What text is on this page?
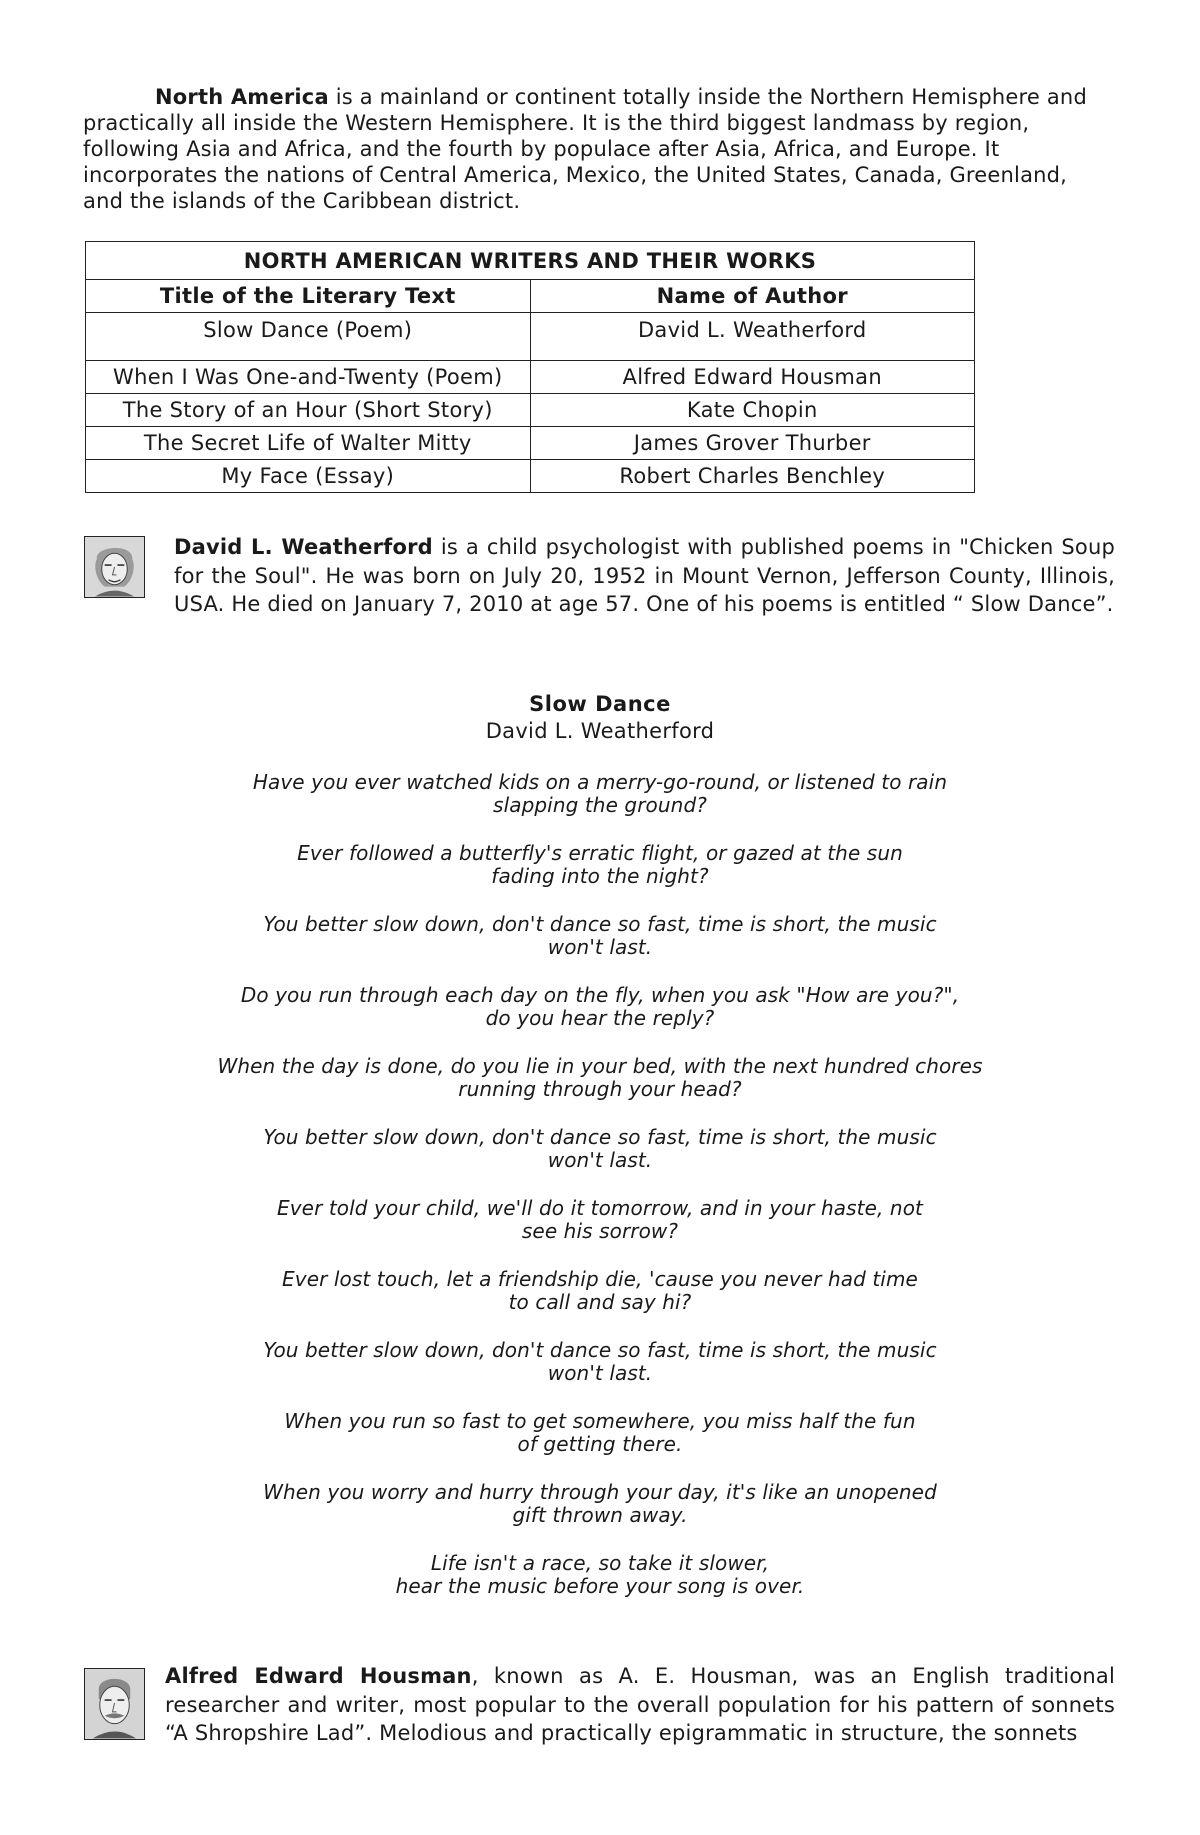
North America is a mainland or continent totally inside the Northern Hemisphere and practically all inside the Western Hemisphere. It is the third biggest landmass by region, following Asia and Africa, and the fourth by populace after Asia, Africa, and Europe. It incorporates the nations of Central America, Mexico, the United States, Canada, Greenland, and the islands of the Caribbean district.

NORTH AMERICAN WRITERS AND THEIR WORKS	
Title of the Literary Text	Name of Author
Slow Dance (Poem)	David L. Weatherford
When I Was One-and-Twenty (Poem)	Alfred Edward Housman
The Story of an Hour (Short Story)	Kate Chopin
The Secret Life of Walter Mitty	James Grover Thurber
My Face (Essay)	Robert Charles Benchley

David L. Weatherford is a child psychologist with published poems in "Chicken Soup for the Soul". He was born on July 20, 1952 in Mount Vernon, Jefferson County, Illinois, USA. He died on January 7, 2010 at age 57. One of his poems is entitled “ Slow Dance”.

Slow Dance
David L. Weatherford
Have you ever watched kids on a merry-go-round, or listened to rain
slapping the ground?
Ever followed a butterfly's erratic flight, or gazed at the sun
fading into the night?
You better slow down, don't dance so fast, time is short, the music
won't last.
Do you run through each day on the fly, when you ask "How are you?",
do you hear the reply?
When the day is done, do you lie in your bed, with the next hundred chores
running through your head?
You better slow down, don't dance so fast, time is short, the music
won't last.
Ever told your child, we'll do it tomorrow, and in your haste, not
see his sorrow?
Ever lost touch, let a friendship die, 'cause you never had time
to call and say hi?
You better slow down, don't dance so fast, time is short, the music
won't last.
When you run so fast to get somewhere, you miss half the fun
of getting there.
When you worry and hurry through your day, it's like an unopened
gift thrown away.
Life isn't a race, so take it slower,
hear the music before your song is over.

Alfred Edward Housman, known as A. E. Housman, was an English traditional researcher and writer, most popular to the overall population for his pattern of sonnets “A Shropshire Lad”. Melodious and practically epigrammatic in structure, the sonnets
